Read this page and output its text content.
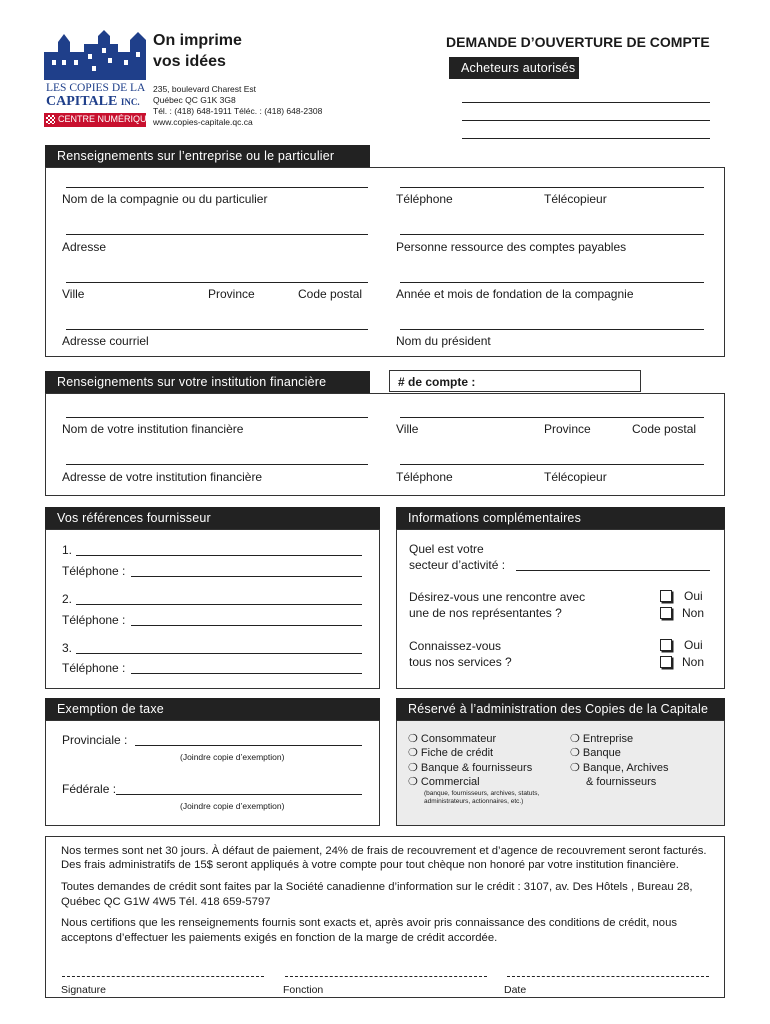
LES COPIES DE LA
CAPITALE INC.
CENTRE NUMÉRIQUE
On imprime
vos idées
235, boulevard Charest Est
Québec QC G1K 3G8
Tél. : (418) 648-1911 Téléc. : (418) 648-2308
www.copies-capitale.qc.ca
DEMANDE D’OUVERTURE DE COMPTE
Acheteurs autorisés
Renseignements sur l’entreprise ou le particulier
Nom de la compagnie ou du particulier	Téléphone	Télécopieur
Adresse	Personne ressource des comptes payables
Ville	Province	Code postal	Année et mois de fondation de la compagnie
Adresse courriel	Nom du président
Renseignements sur votre institution financière	# de compte :
Nom de votre institution financière	Ville	Province	Code postal
Adresse de votre institution financière	Téléphone	Télécopieur
Vos références fournisseur
1.
Téléphone :
2.
Téléphone :
3.
Téléphone :
Informations complémentaires
Quel est votre
secteur d’activité :
Désirez-vous une rencontre avec
une de nos représentantes ?
Oui
Non
Connaissez-vous
tous nos services ?
Oui
Non
Exemption de taxe
Provinciale :
(Joindre copie d’exemption)
Fédérale :
(Joindre copie d’exemption)
Réservé à l’administration des Copies de la Capitale
❍ Consommateur
❍ Fiche de crédit
❍ Banque & fournisseurs
❍ Commercial
(banque, fournisseurs, archives, statuts, administrateurs, actionnaires, etc.)
❍ Entreprise
❍ Banque
❍ Banque, Archives
& fournisseurs
Nos termes sont net 30 jours. À défaut de paiement, 24% de frais de recouvrement et d’agence de recouvrement seront facturés.
Des frais administratifs de 15$ seront appliqués à votre compte pour tout chèque non honoré par votre institution financière.
Toutes demandes de crédit sont faites par la Société canadienne d’information sur le crédit : 3107, av. Des Hôtels , Bureau 28,
Québec QC G1W 4W5 Tél. 418 659-5797
Nous certifions que les renseignements fournis sont exacts et, après avoir pris connaissance des conditions de crédit, nous
acceptons d’effectuer les paiements exigés en fonction de la marge de crédit accordée.
Signature	Fonction	Date
